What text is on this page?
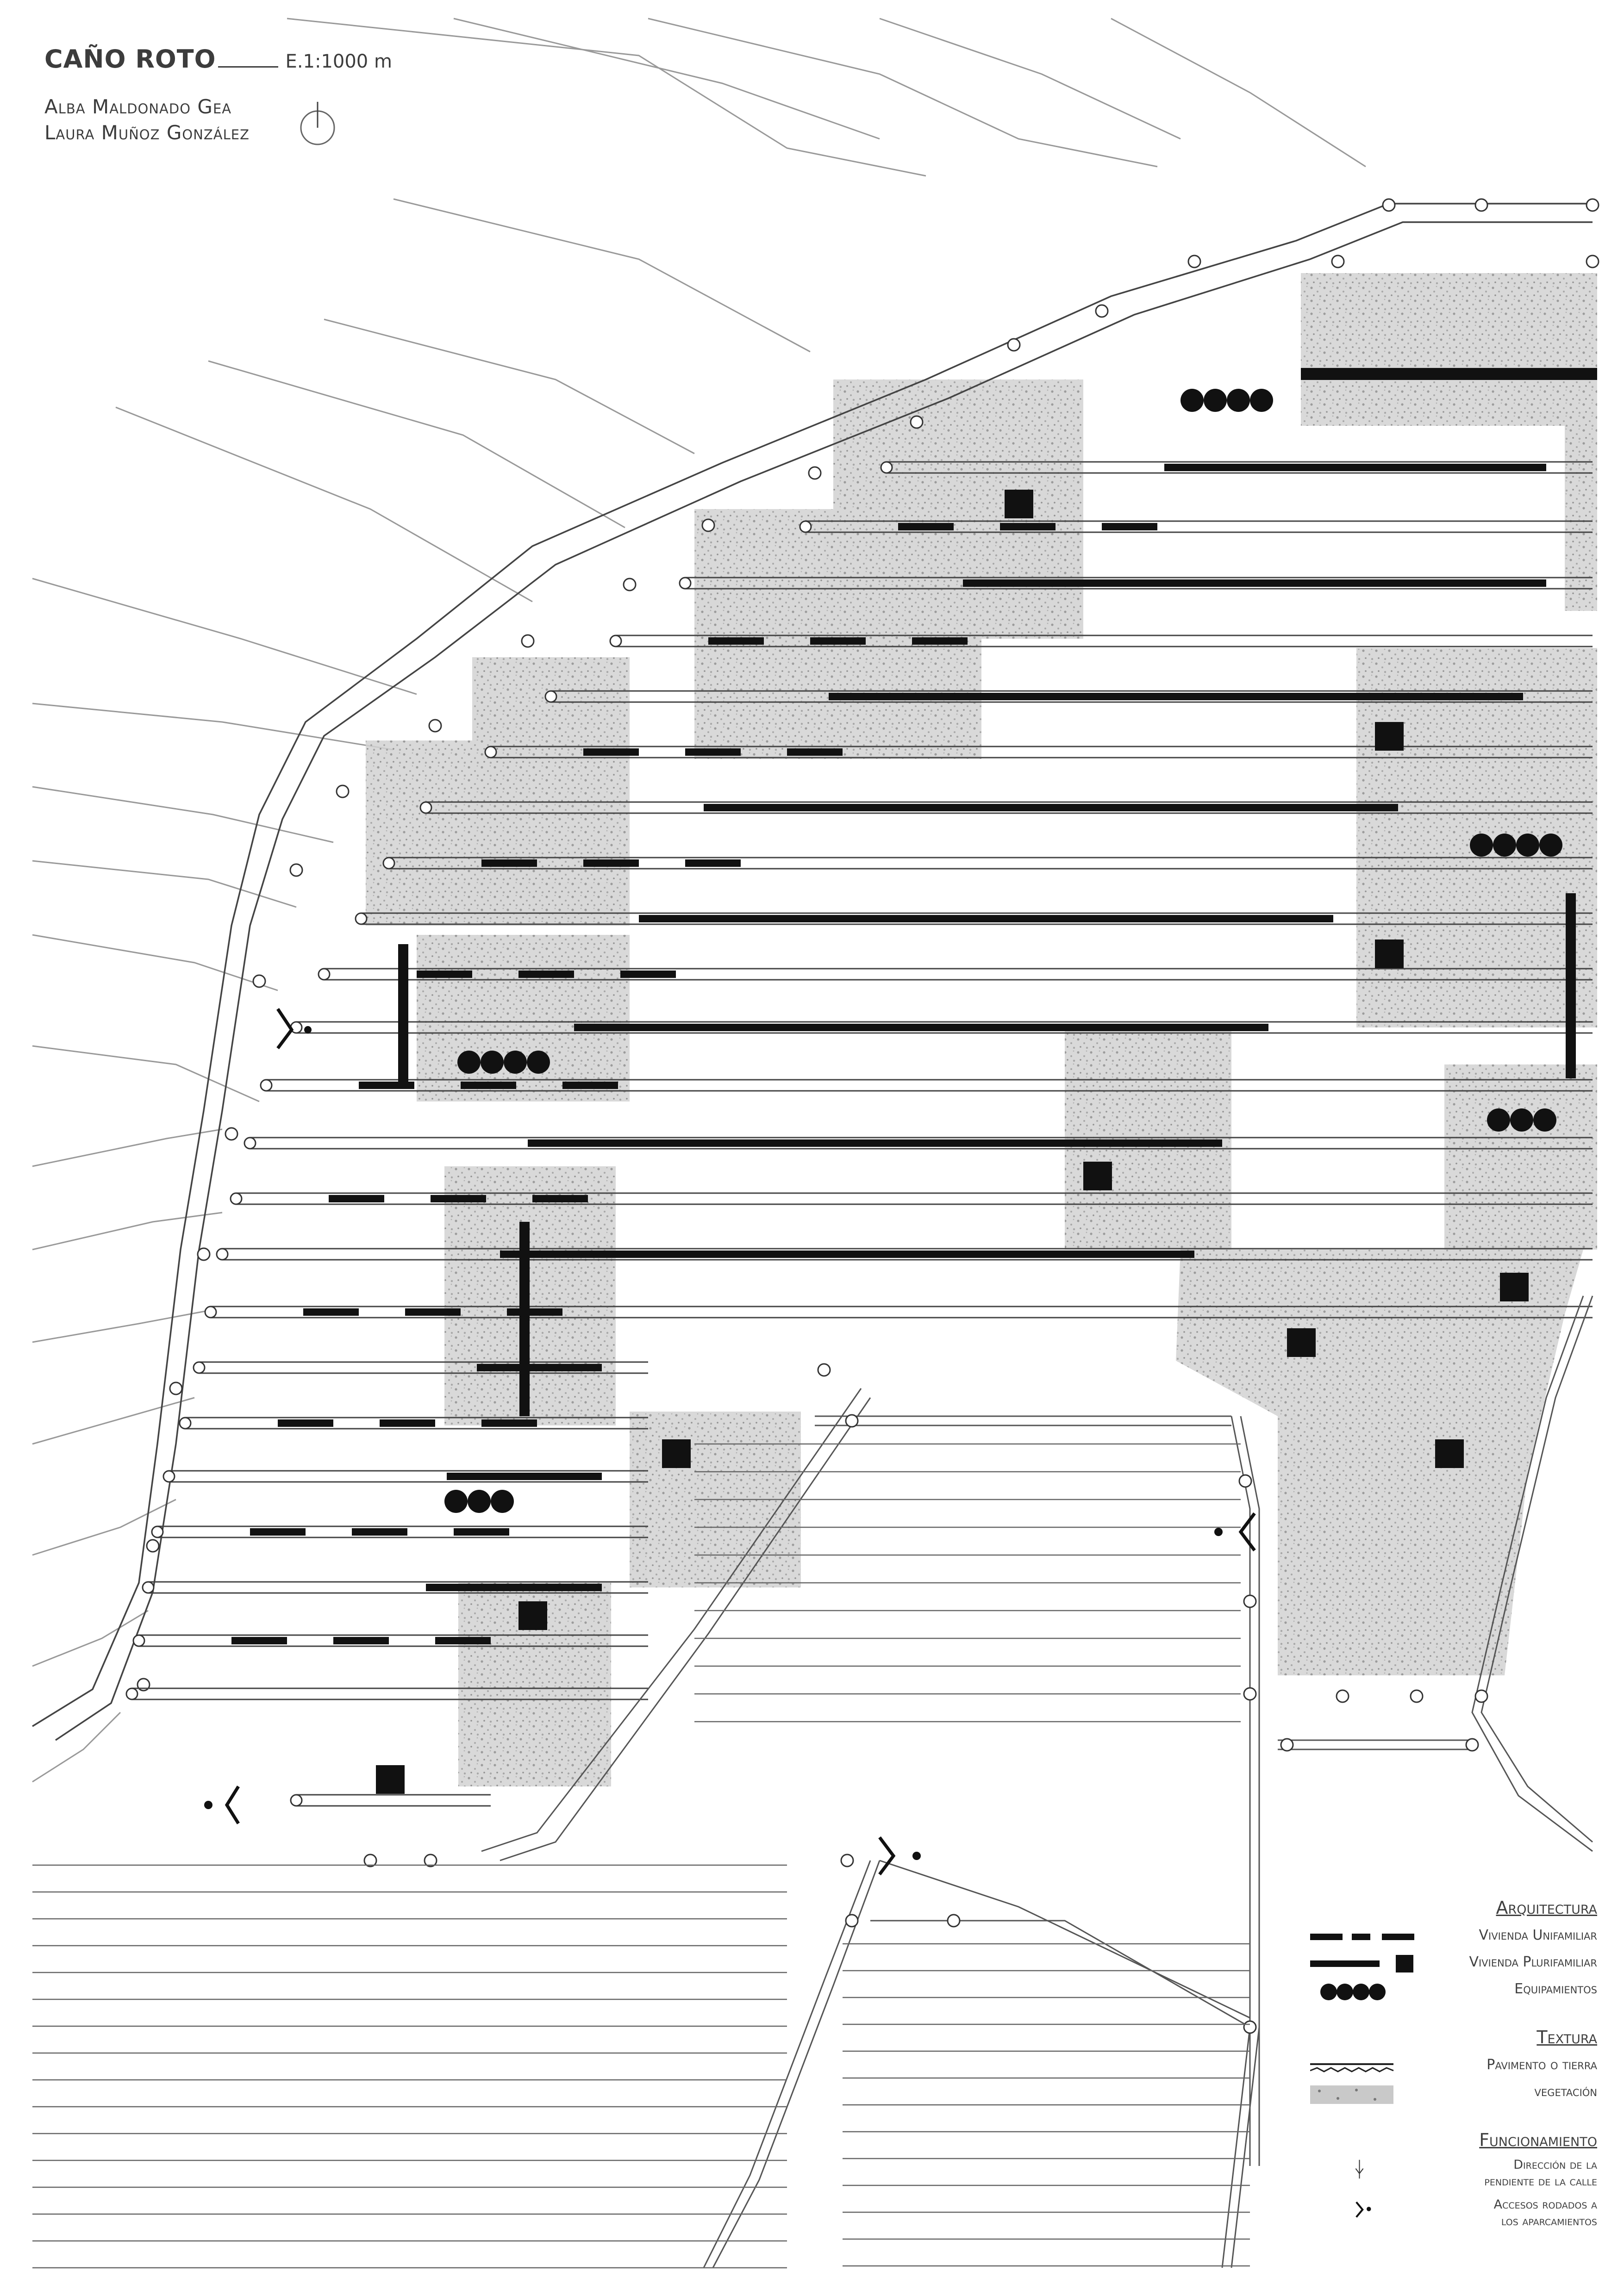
CAÑO ROTO	E.1:1000 m
Alba Maldonado Gea
Laura Muñoz González
Arquitectura
Vivienda Unifamiliar
Vivienda Plurifamiliar
Equipamientos
Textura
Pavimento o tierra
vegetación
Funcionamiento
Dirección de la
pendiente de la calle
Accesos rodados a
los aparcamientos
